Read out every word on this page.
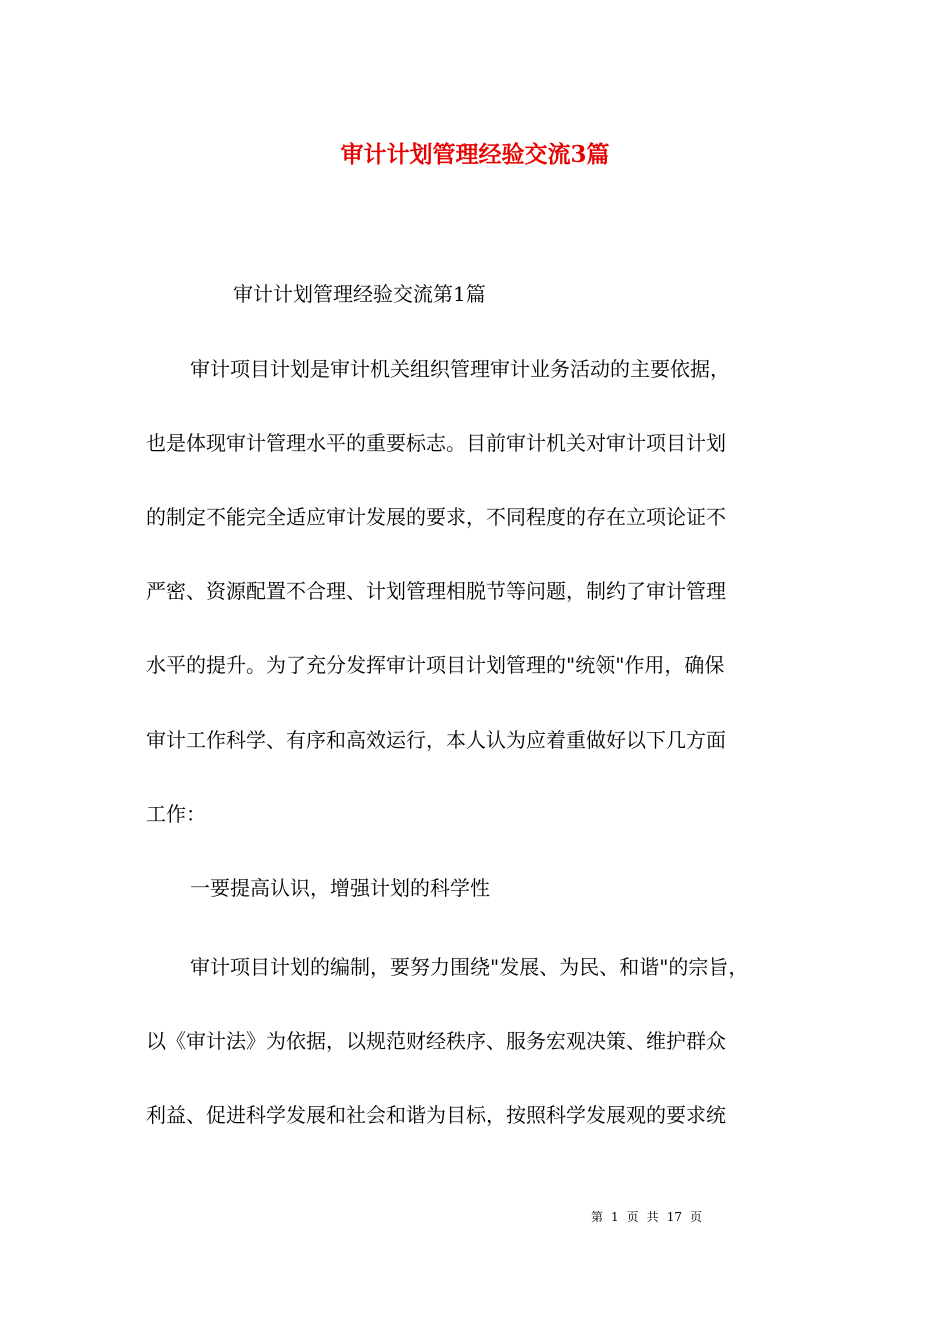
审计计划管理经验交流3篇

审计计划管理经验交流第1篇

审计项目计划是审计机关组织管理审计业务活动的主要依据，

也是体现审计管理水平的重要标志。目前审计机关对审计项目计划

的制定不能完全适应审计发展的要求，不同程度的存在立项论证不

严密、资源配置不合理、计划管理相脱节等问题，制约了审计管理

水平的提升。为了充分发挥审计项目计划管理的"统领"作用，确保

审计工作科学、有序和高效运行，本人认为应着重做好以下几方面

工作：

一要提高认识，增强计划的科学性

审计项目计划的编制，要努力围绕"发展、为民、和谐"的宗旨，

以《审计法》为依据，以规范财经秩序、服务宏观决策、维护群众

利益、促进科学发展和社会和谐为目标，按照科学发展观的要求统

第 1 页 共 17 页
